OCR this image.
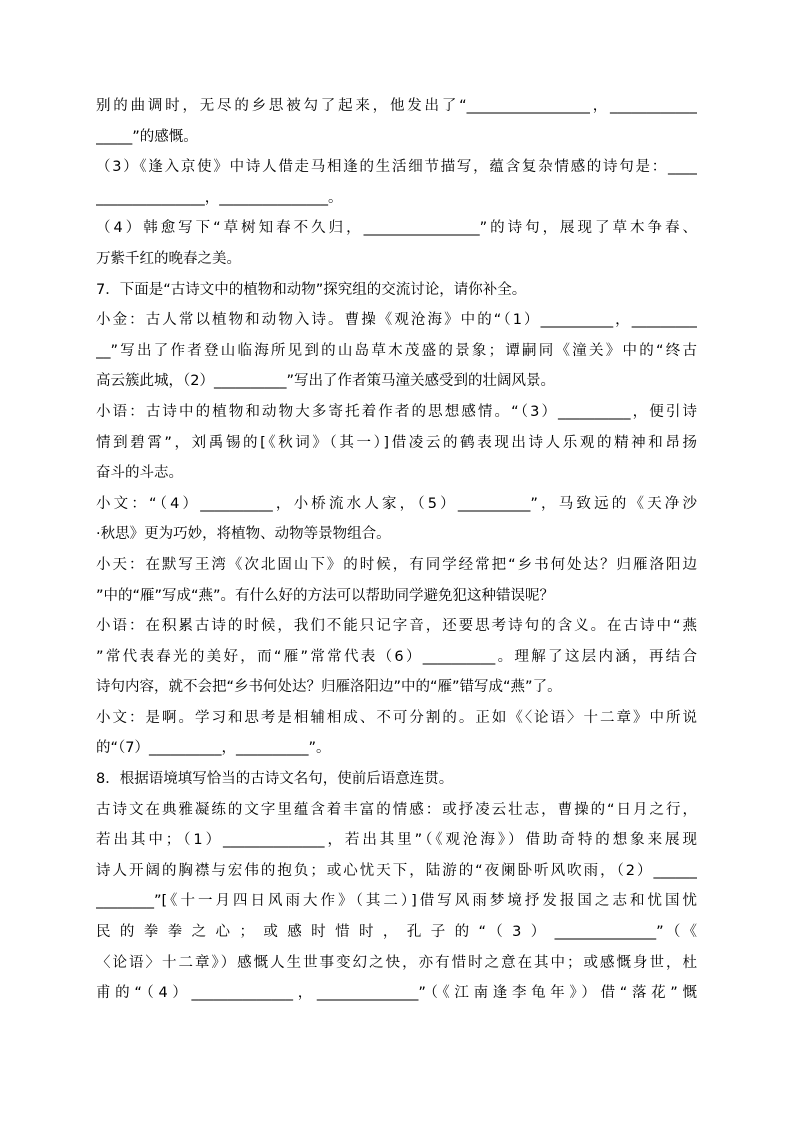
别的曲调时，无尽的乡思被勾了起来，他发出了“_________________，____________
_____”的感慨。
（3）《逢入京使》中诗人借走马相逢的生活细节描写，蕴含复杂情感的诗句是：____
_______________，_______________。
（4）韩愈写下“草树知春不久归，________________”的诗句，展现了草木争春、
万紫千红的晚春之美。
7．下面是“古诗文中的植物和动物”探究组的交流讨论，请你补全。
小金：古人常以植物和动物入诗。曹操《观沧海》中的“（1）__________，_________
__”写出了作者登山临海所见到的山岛草木茂盛的景象；谭嗣同《潼关》中的“终古
高云簇此城，（2）__________”写出了作者策马潼关感受到的壮阔风景。
小语：古诗中的植物和动物大多寄托着作者的思想感情。“（3）__________，便引诗
情到碧霄”，刘禹锡的[《秋词》（其一）]借凌云的鹤表现出诗人乐观的精神和昂扬
奋斗的斗志。
小文：“（4）__________，小桥流水人家，（5）__________”，马致远的《天净沙
·秋思》更为巧妙，将植物、动物等景物组合。
小天：在默写王湾《次北固山下》的时候，有同学经常把“乡书何处达？归雁洛阳边
”中的“雁”写成“燕”。有什么好的方法可以帮助同学避免犯这种错误呢？
小语：在积累古诗的时候，我们不能只记字音，还要思考诗句的含义。在古诗中“燕
”常代表春光的美好，而“雁”常常代表（6）__________。理解了这层内涵，再结合
诗句内容，就不会把“乡书何处达？归雁洛阳边”中的“雁”错写成“燕”了。
小文：是啊。学习和思考是相辅相成、不可分割的。正如《〈论语〉十二章》中所说
的“（7）__________，__________”。
8．根据语境填写恰当的古诗文名句，使前后语意连贯。
古诗文在典雅凝练的文字里蕴含着丰富的情感：或抒凌云壮志，曹操的“日月之行，
若出其中；（1）______________，若出其里”（《观沧海》）借助奇特的想象来展现
诗人开阔的胸襟与宏伟的抱负；或心忧天下，陆游的“夜阑卧听风吹雨，（2）______
________”[《十一月四日风雨大作》（其二）]借写风雨梦境抒发报国之志和忧国忧
民的拳拳之心；或感时惜时，孔子的“（3）______________”（《
〈论语〉十二章》）感慨人生世事变幻之快，亦有惜时之意在其中；或感慨身世，杜
甫的“（4）______________，______________”（《江南逢李龟年》）借“落花”慨
